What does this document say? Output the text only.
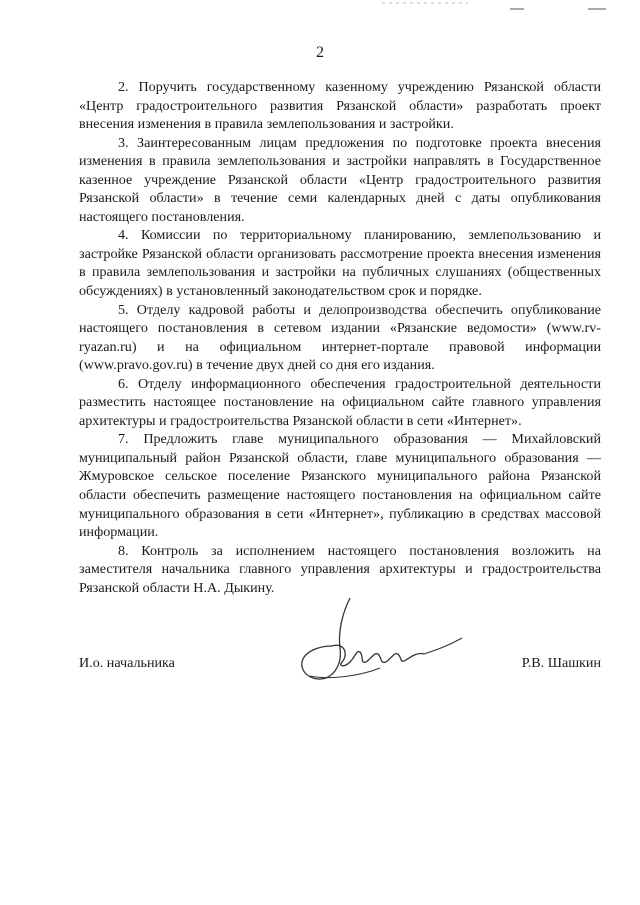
2

2. Поручить государственному казенному учреждению Рязанской области «Центр градостроительного развития Рязанской области» разработать проект внесения изменения в правила землепользования и застройки.

3. Заинтересованным лицам предложения по подготовке проекта внесения изменения в правила землепользования и застройки направлять в Государственное казенное учреждение Рязанской области «Центр градостроительного развития Рязанской области» в течение семи календарных дней с даты опубликования настоящего постановления.

4. Комиссии по территориальному планированию, землепользованию и застройке Рязанской области организовать рассмотрение проекта внесения изменения в правила землепользования и застройки на публичных слушаниях (общественных обсуждениях) в установленный законодательством срок и порядке.

5. Отделу кадровой работы и делопроизводства обеспечить опубликование настоящего постановления в сетевом издании «Рязанские ведомости» (www.rv-ryazan.ru) и на официальном интернет-портале правовой информации (www.pravo.gov.ru) в течение двух дней со дня его издания.

6. Отделу информационного обеспечения градостроительной деятельности разместить настоящее постановление на официальном сайте главного управления архитектуры и градостроительства Рязанской области в сети «Интернет».

7. Предложить главе муниципального образования — Михайловский муниципальный район Рязанской области, главе муниципального образования — Жмуровское сельское поселение Рязанского муниципального района Рязанской области обеспечить размещение настоящего постановления на официальном сайте муниципального образования в сети «Интернет», публикацию в средствах массовой информации.

8. Контроль за исполнением настоящего постановления возложить на заместителя начальника главного управления архитектуры и градостроительства Рязанской области Н.А. Дыкину.

И.о. начальника	Р.В. Шашкин
